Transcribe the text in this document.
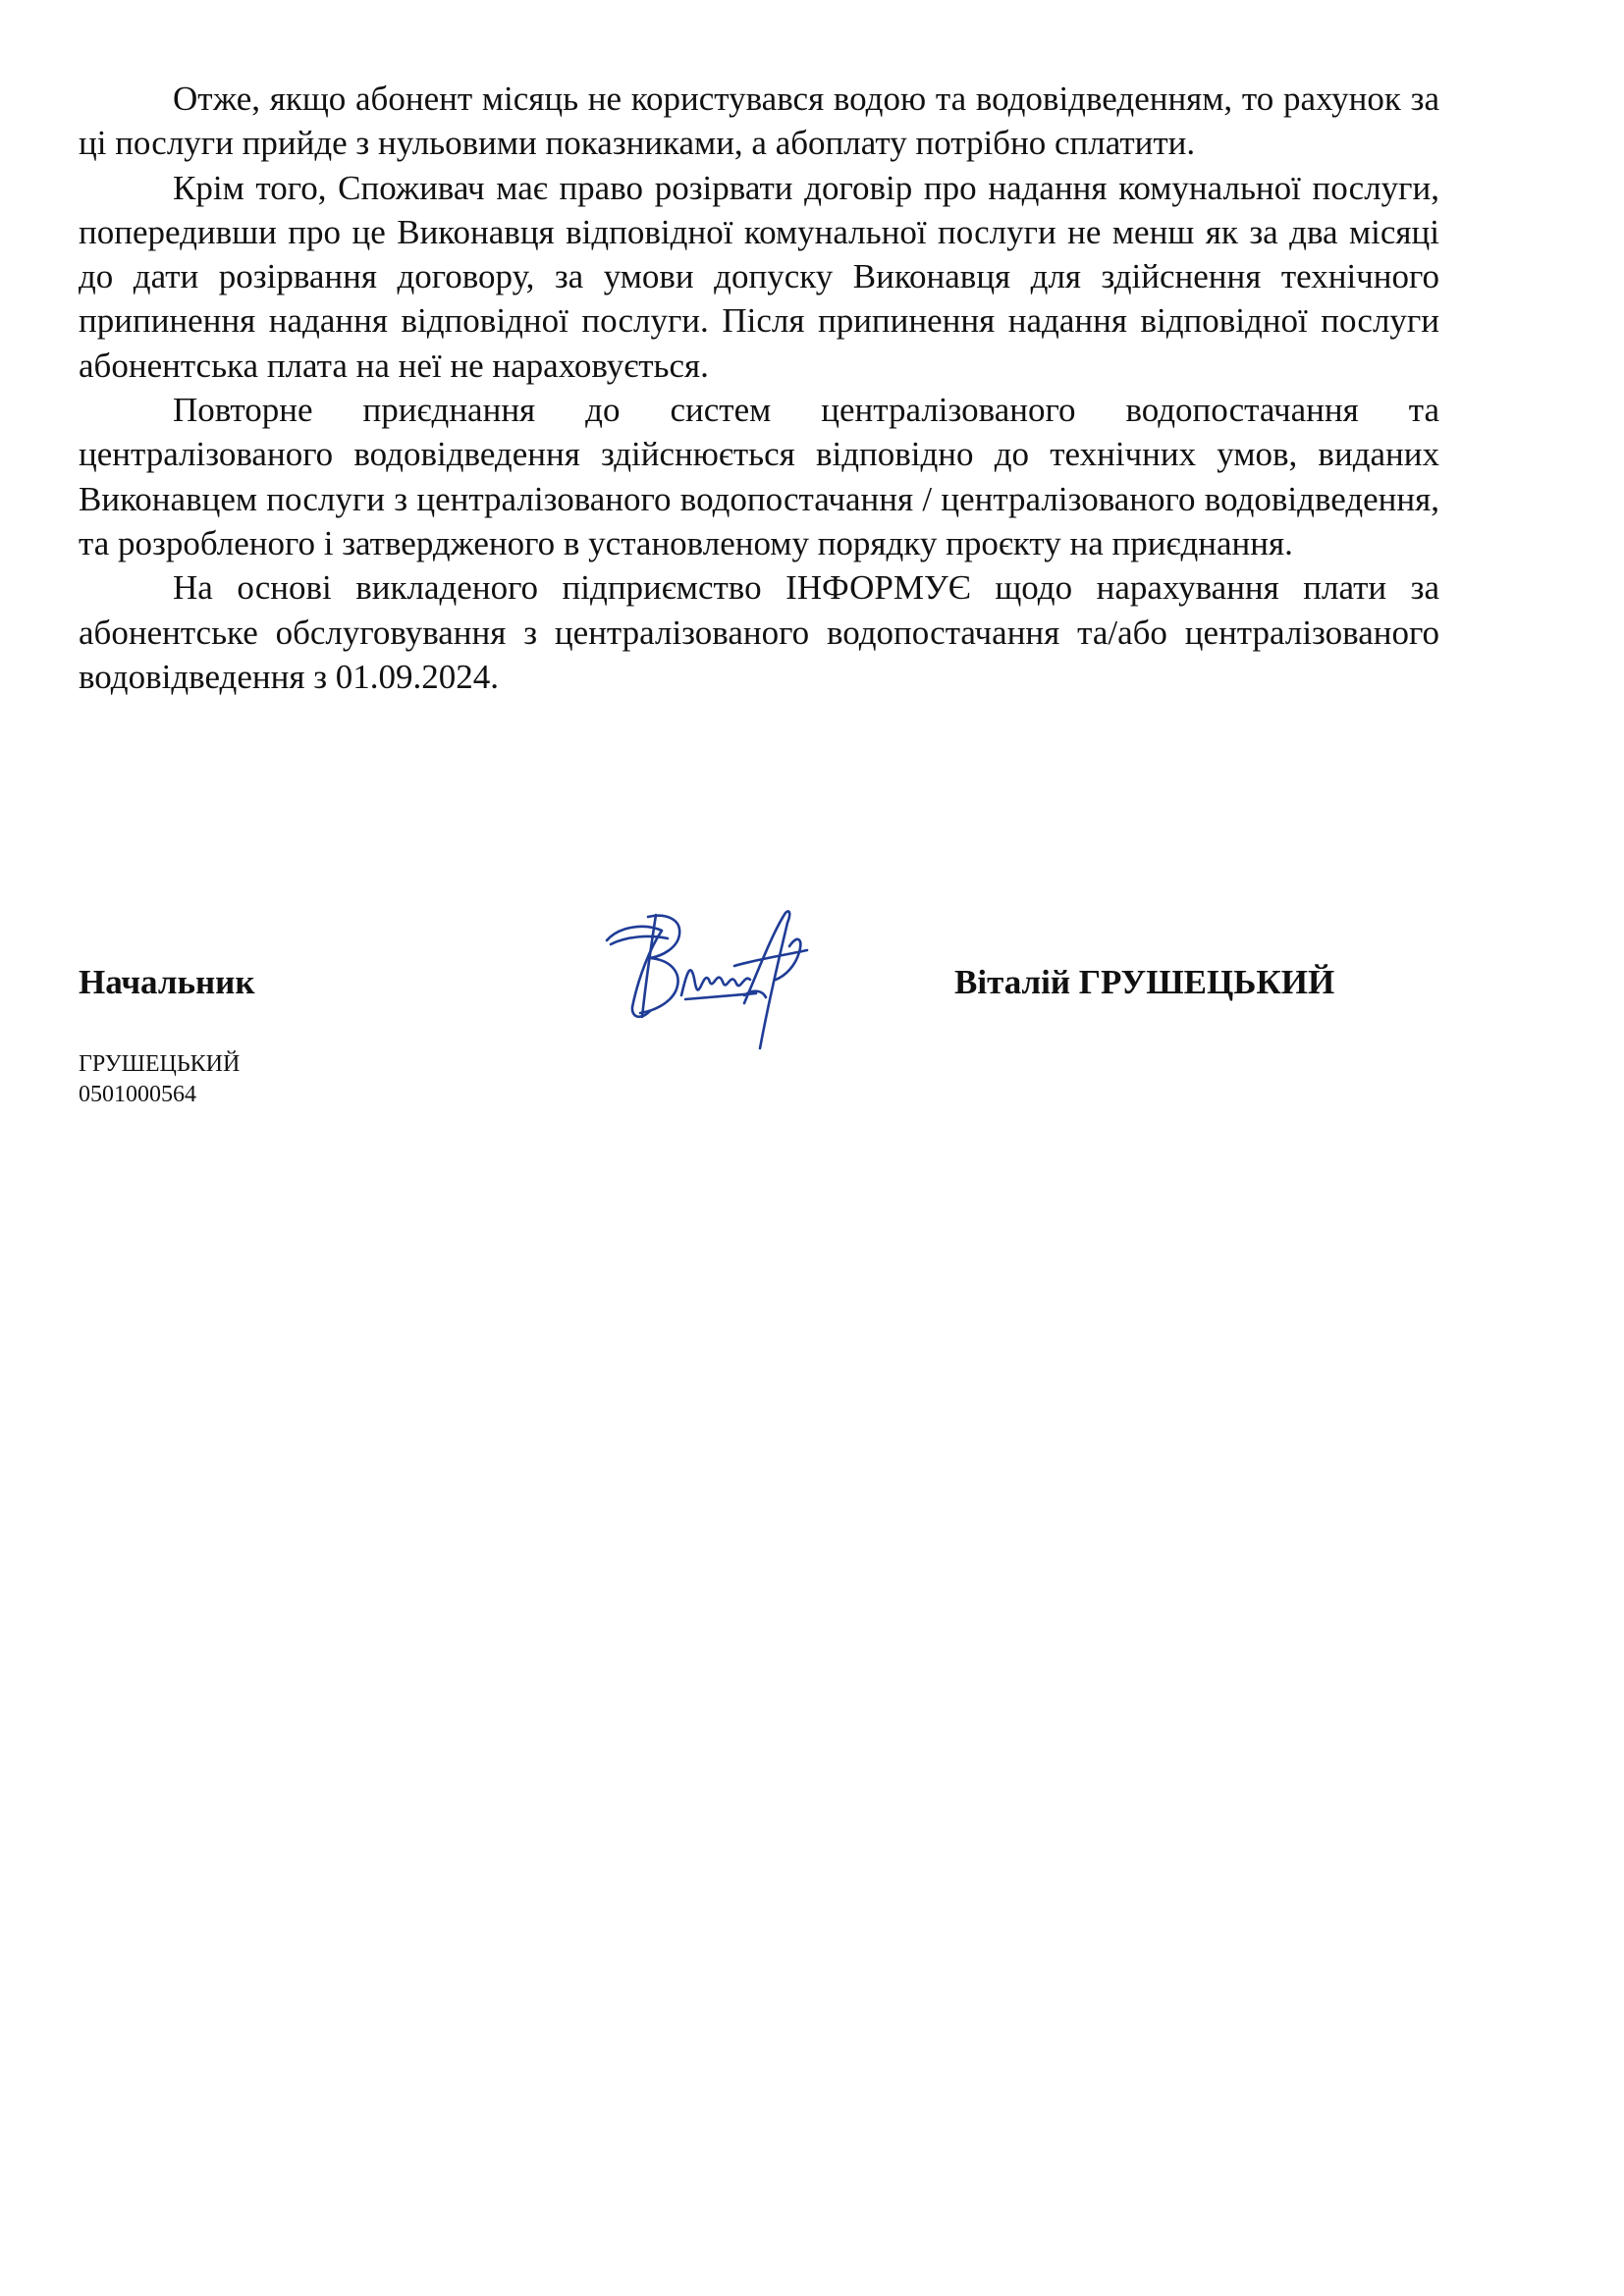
Отже, якщо абонент місяць не користувався водою та водовідведенням, то рахунок за ці послуги прийде з нульовими показниками, а абоплату потрібно сплатити.

Крім того, Споживач має право розірвати договір про надання комунальної послуги, попередивши про це Виконавця відповідної комунальної послуги не менш як за два місяці до дати розірвання договору, за умови допуску Виконавця для здійснення технічного припинення надання відповідної послуги. Після припинення надання відповідної послуги абонентська плата на неї не нараховується.

Повторне приєднання до систем централізованого водопостачання та централізованого водовідведення здійснюється відповідно до технічних умов, виданих Виконавцем послуги з централізованого водопостачання / централізованого водовідведення, та розробленого і затвердженого в установленому порядку проєкту на приєднання.

На основі викладеного підприємство ІНФОРМУЄ щодо нарахування плати за абонентське обслуговування з централізованого водопостачання та/або централізованого водовідведення з 01.09.2024.

Начальник	Віталій ГРУШЕЦЬКИЙ

ГРУШЕЦЬКИЙ
0501000564
